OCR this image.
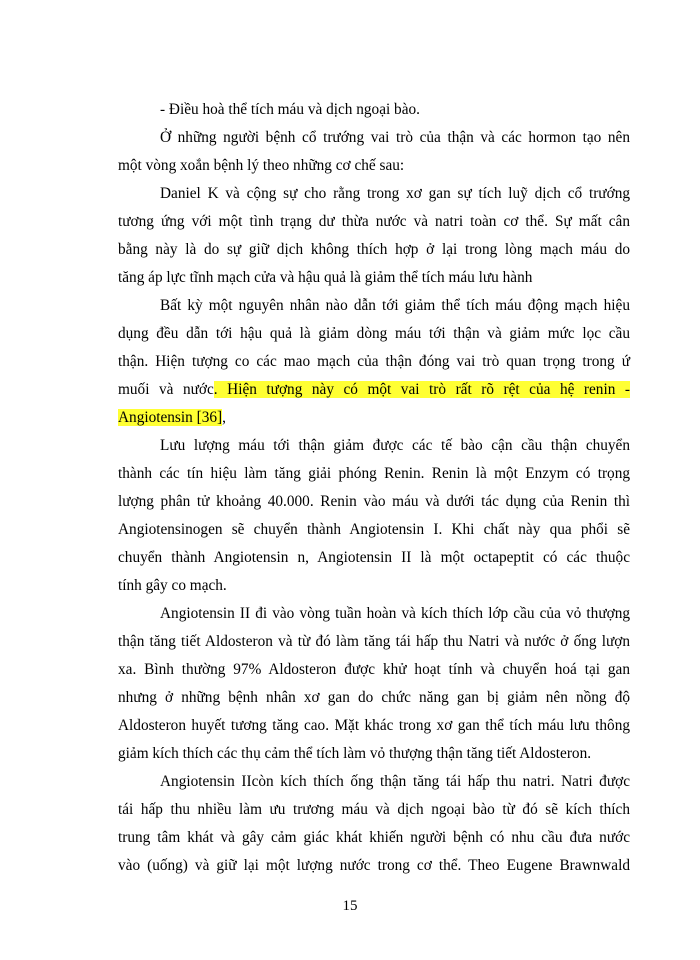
- Điều hoà thể tích máu và dịch ngoại bào.
Ở những người bệnh cổ trướng vai trò của thận và các hormon tạo nên
một vòng xoắn bệnh lý theo những cơ chế sau:
Daniel K và cộng sự cho rằng trong xơ gan sự tích luỹ dịch cổ trướng
tương ứng với một tình trạng dư thừa nước và natri toàn cơ thể. Sự mất cân
bằng này là do sự giữ dịch không thích hợp ở lại trong lòng mạch máu do
tăng áp lực tĩnh mạch cửa và hậu quả là giảm thể tích máu lưu hành
Bất kỳ một nguyên nhân nào dẫn tới giảm thể tích máu động mạch hiệu
dụng đều dẫn tới hậu quả là giảm dòng máu tới thận và giảm mức lọc cầu
thận. Hiện tượng co các mao mạch của thận đóng vai trò quan trọng trong ứ
muối và nước. Hiện tượng này có một vai trò rất rõ rệt của hệ renin -
Angiotensin [36],
Lưu lượng máu tới thận giảm được các tế bào cận cầu thận chuyển
thành các tín hiệu làm tăng giải phóng Renin. Renin là một Enzym có trọng
lượng phân tử khoảng 40.000. Renin vào máu và dưới tác dụng của Renin thì
Angiotensinogen sẽ chuyển thành Angiotensin I. Khi chất này qua phổi sẽ
chuyển thành Angiotensin n, Angiotensin II là một octapeptit có các thuộc
tính gây co mạch.
Angiotensin II đi vào vòng tuần hoàn và kích thích lớp cầu của vỏ thượng
thận tăng tiết Aldosteron và từ đó làm tăng tái hấp thu Natri và nước ở ống lượn
xa. Bình thường 97% Aldosteron được khử hoạt tính và chuyển hoá tại gan
nhưng ở những bệnh nhân xơ gan do chức năng gan bị giảm nên nồng độ
Aldosteron huyết tương tăng cao. Mặt khác trong xơ gan thể tích máu lưu thông
giảm kích thích các thụ cảm thể tích làm vỏ thượng thận tăng tiết Aldosteron.
Angiotensin IIcòn kích thích ống thận tăng tái hấp thu natri. Natri được
tái hấp thu nhiều làm ưu trương máu và dịch ngoại bào từ đó sẽ kích thích
trung tâm khát và gây cảm giác khát khiến người bệnh có nhu cầu đưa nước
vào (uống) và giữ lại một lượng nước trong cơ thể. Theo Eugene Brawnwald
15
